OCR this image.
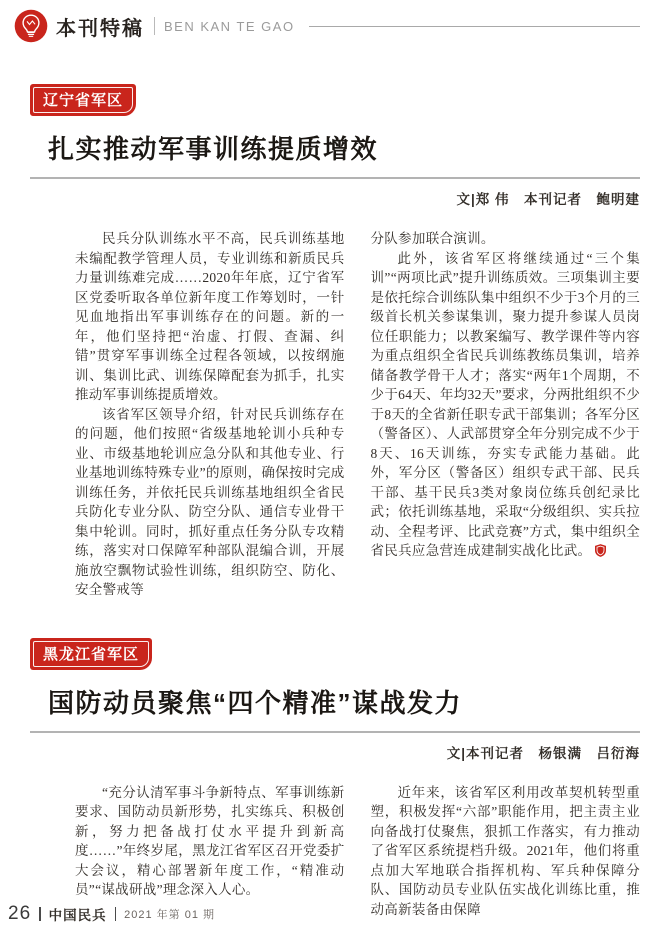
本刊特稿 BEN KAN TE GAO
辽宁省军区
扎实推动军事训练提质增效
文|郑 伟　本刊记者　鲍明建

民兵分队训练水平不高，民兵训练基地未编配教学管理人员，专业训练和新质民兵力量训练难完成……2020年年底，辽宁省军区党委听取各单位新年度工作筹划时，一针见血地指出军事训练存在的问题。新的一年，他们坚持把“治虚、打假、查漏、纠错”贯穿军事训练全过程各领域，以按纲施训、集训比武、训练保障配套为抓手，扎实推动军事训练提质增效。

该省军区领导介绍，针对民兵训练存在的问题，他们按照“省级基地轮训小兵种专业、市级基地轮训应急分队和其他专业、行业基地训练特殊专业”的原则，确保按时完成训练任务，并依托民兵训练基地组织全省民兵防化专业分队、防空分队、通信专业骨干集中轮训。同时，抓好重点任务分队专攻精练，落实对口保障军种部队混编合训，开展施放空飘物试验性训练，组织防空、防化、安全警戒等

分队参加联合演训。

此外，该省军区将继续通过“三个集训”“两项比武”提升训练质效。三项集训主要是依托综合训练队集中组织不少于3个月的三级首长机关参谋集训，聚力提升参谋人员岗位任职能力；以教案编写、教学课件等内容为重点组织全省民兵训练教练员集训，培养储备教学骨干人才；落实“两年1个周期，不少于64天、年均32天”要求，分两批组织不少于8天的全省新任职专武干部集训；各军分区（警备区）、人武部贯穿全年分别完成不少于8天、16天训练，夯实专武能力基础。此外，军分区（警备区）组织专武干部、民兵干部、基干民兵3类对象岗位练兵创纪录比武；依托训练基地，采取“分级组织、实兵拉动、全程考评、比武竞赛”方式，集中组织全省民兵应急营连成建制实战化比武。

黑龙江省军区
国防动员聚焦“四个精准”谋战发力
文|本刊记者　杨银满　吕衍海

“充分认清军事斗争新特点、军事训练新要求、国防动员新形势，扎实练兵、积极创新，努力把备战打仗水平提升到新高度……”年终岁尾，黑龙江省军区召开党委扩大会议，精心部署新年度工作，“精准动员”“谋战研战”理念深入人心。

近年来，该省军区利用改革契机转型重塑，积极发挥“六部”职能作用，把主责主业向备战打仗聚焦，狠抓工作落实，有力推动了省军区系统提档升级。2021年，他们将重点加大军地联合指挥机构、军兵种保障分队、国防动员专业队伍实战化训练比重，推动高新装备由保障

26 中国民兵 2021 年第 01 期
